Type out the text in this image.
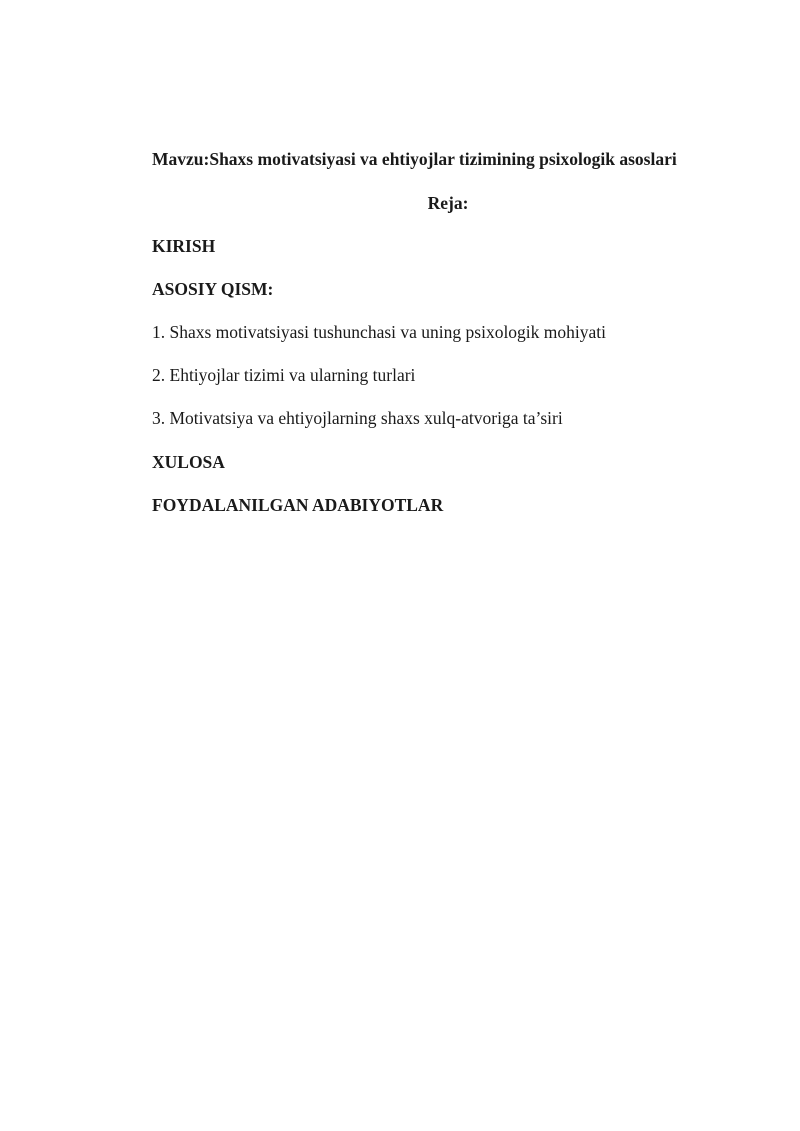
Mavzu:Shaxs motivatsiyasi va ehtiyojlar tizimining psixologik asoslari
Reja:
KIRISH
ASOSIY QISM:
1. Shaxs motivatsiyasi tushunchasi va uning psixologik mohiyati
2. Ehtiyojlar tizimi va ularning turlari
3. Motivatsiya va ehtiyojlarning shaxs xulq-atvoriga ta’siri
XULOSA
FOYDALANILGAN ADABIYOTLAR
